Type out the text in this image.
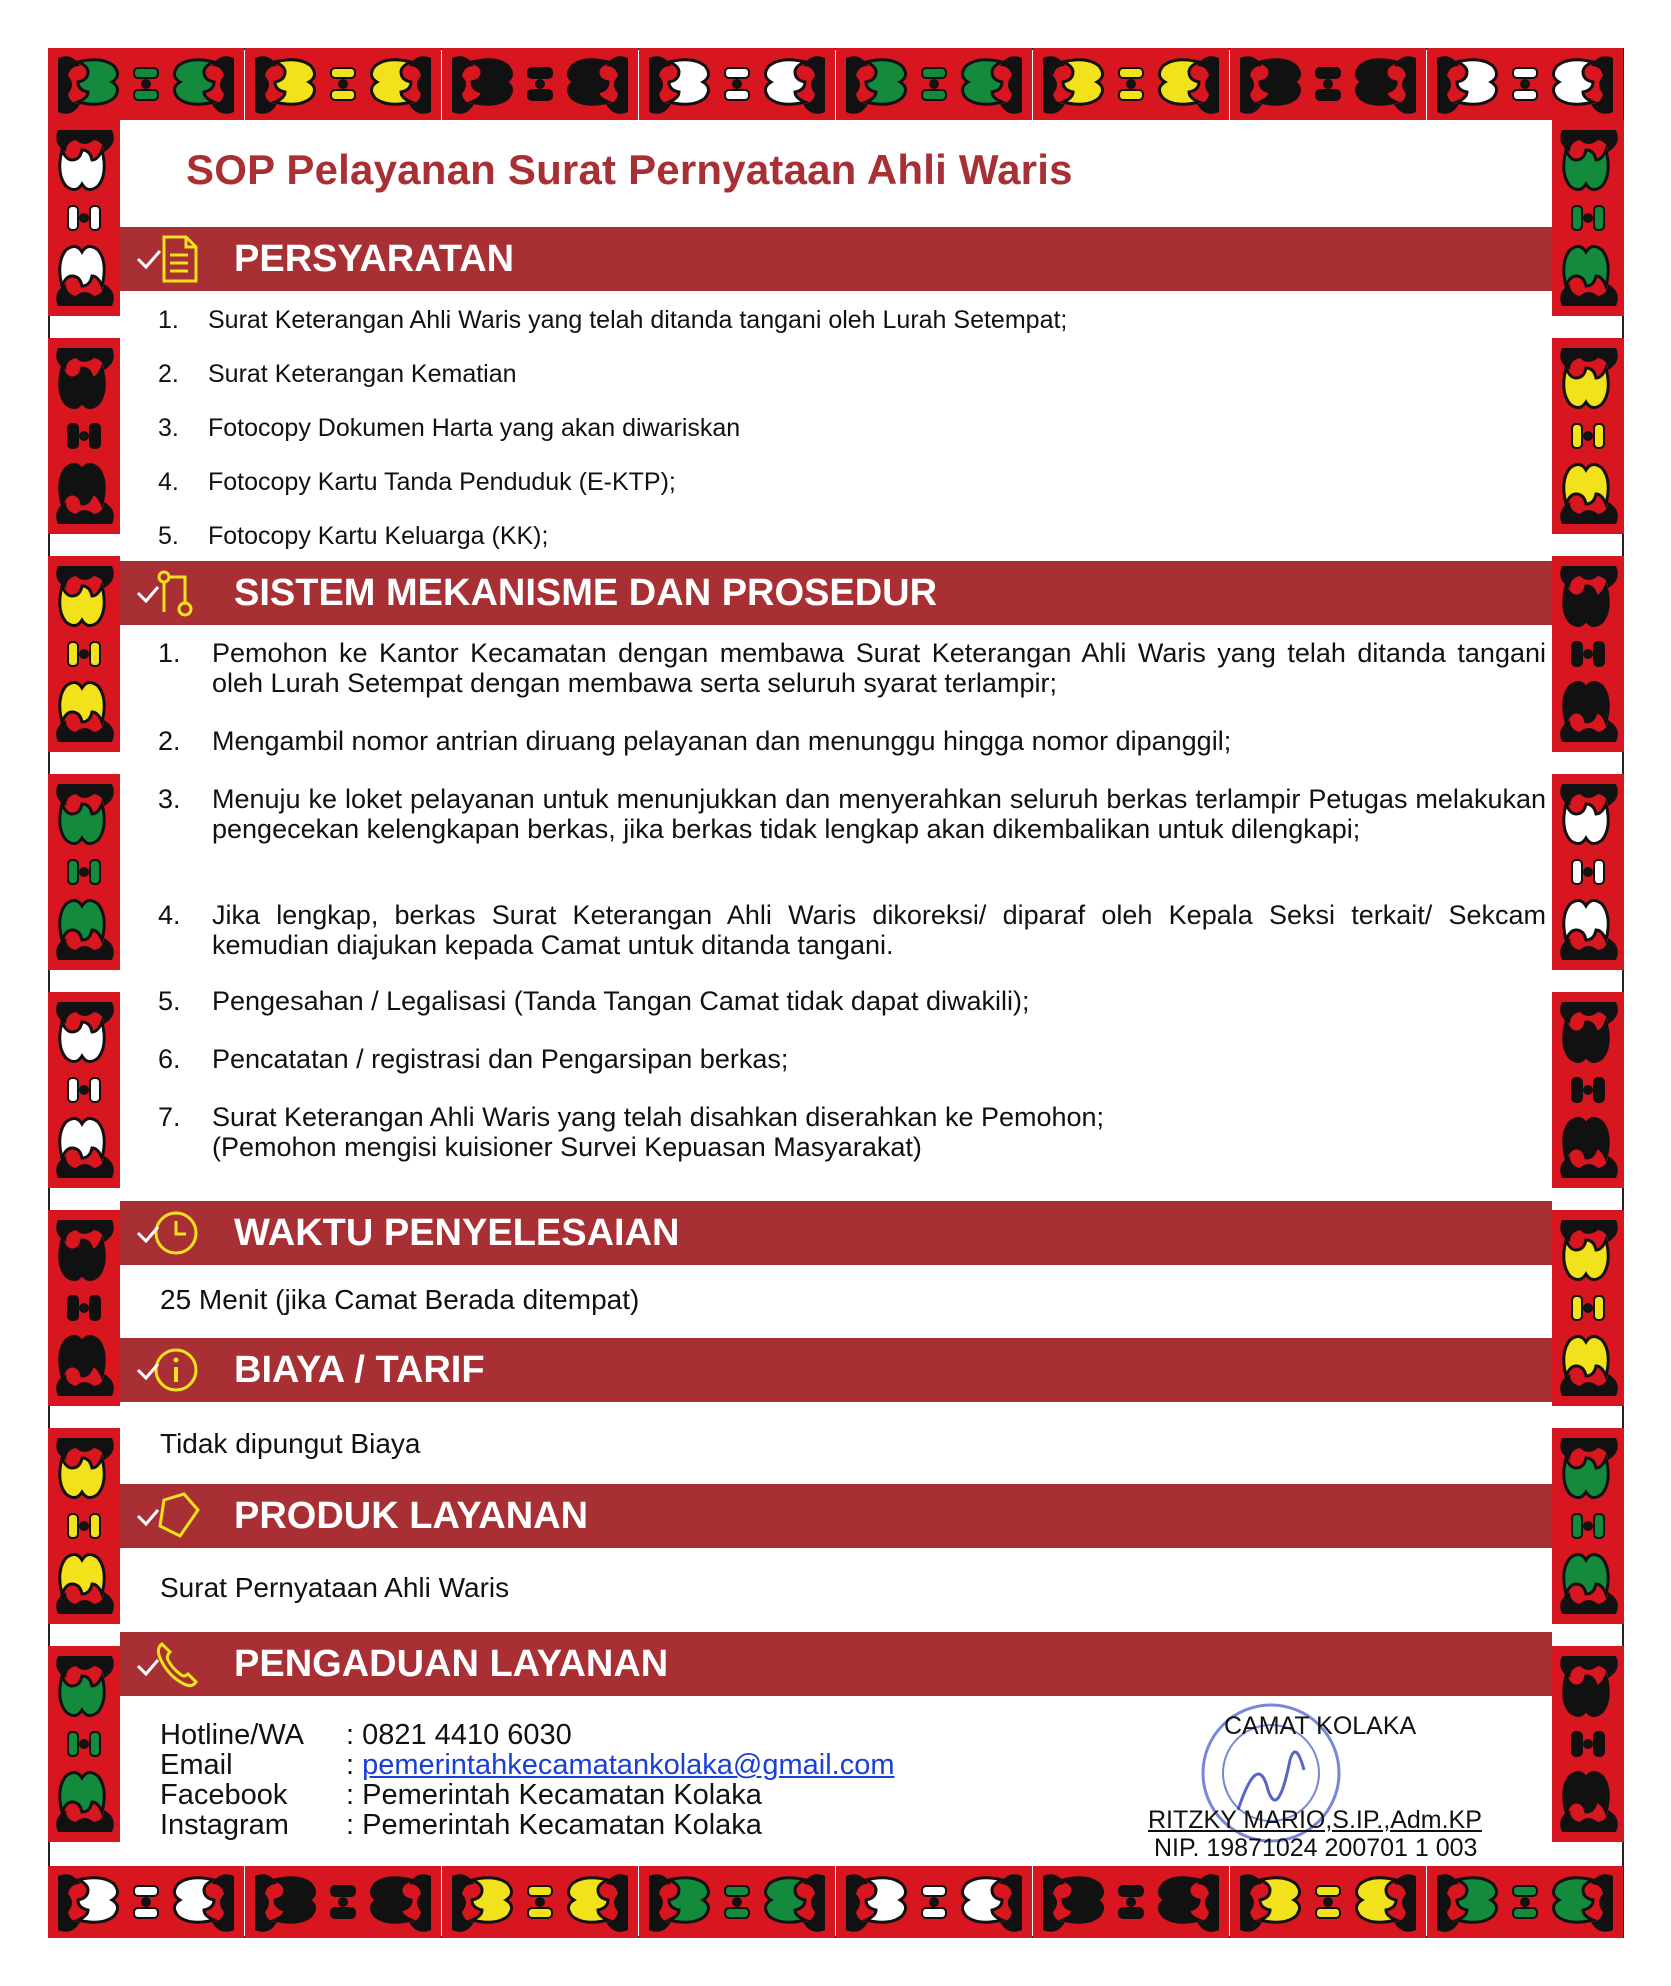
SOP Pelayanan Surat Pernyataan Ahli Waris
PERSYARATAN
1.	Surat Keterangan Ahli Waris yang telah ditanda tangani oleh Lurah Setempat;
2.	Surat Keterangan Kematian
3.	Fotocopy Dokumen Harta yang akan diwariskan
4.	Fotocopy Kartu Tanda Penduduk (E-KTP);
5.	Fotocopy Kartu Keluarga (KK);
SISTEM MEKANISME DAN PROSEDUR
1.	Pemohon ke Kantor Kecamatan dengan membawa Surat Keterangan Ahli Waris yang telah ditanda tangani oleh Lurah Setempat dengan membawa serta seluruh syarat terlampir;
2.	Mengambil nomor antrian diruang pelayanan dan menunggu hingga nomor dipanggil;
3.	Menuju ke loket pelayanan untuk menunjukkan dan menyerahkan seluruh berkas terlampir Petugas melakukan pengecekan kelengkapan berkas, jika berkas tidak lengkap akan dikembalikan untuk dilengkapi;
4.	Jika lengkap, berkas Surat Keterangan Ahli Waris dikoreksi/ diparaf oleh Kepala Seksi terkait/ Sekcam kemudian diajukan kepada Camat untuk ditanda tangani.
5.	Pengesahan / Legalisasi (Tanda Tangan Camat tidak dapat diwakili);
6.	Pencatatan / registrasi dan Pengarsipan berkas;
7.	Surat Keterangan Ahli Waris yang telah disahkan diserahkan ke Pemohon;
(Pemohon mengisi kuisioner Survei Kepuasan Masyarakat)
WAKTU PENYELESAIAN
25 Menit (jika Camat Berada ditempat)
BIAYA / TARIF
Tidak dipungut Biaya
PRODUK LAYANAN
Surat Pernyataan Ahli Waris
PENGADUAN LAYANAN
Hotline/WA	: 0821 4410 6030
Email	: pemerintahkecamatankolaka@gmail.com
Facebook	: Pemerintah Kecamatan Kolaka
Instagram	: Pemerintah Kecamatan Kolaka
CAMAT KOLAKA
RITZKY MARIO,S.IP.,Adm.KP
NIP. 19871024 200701 1 003
